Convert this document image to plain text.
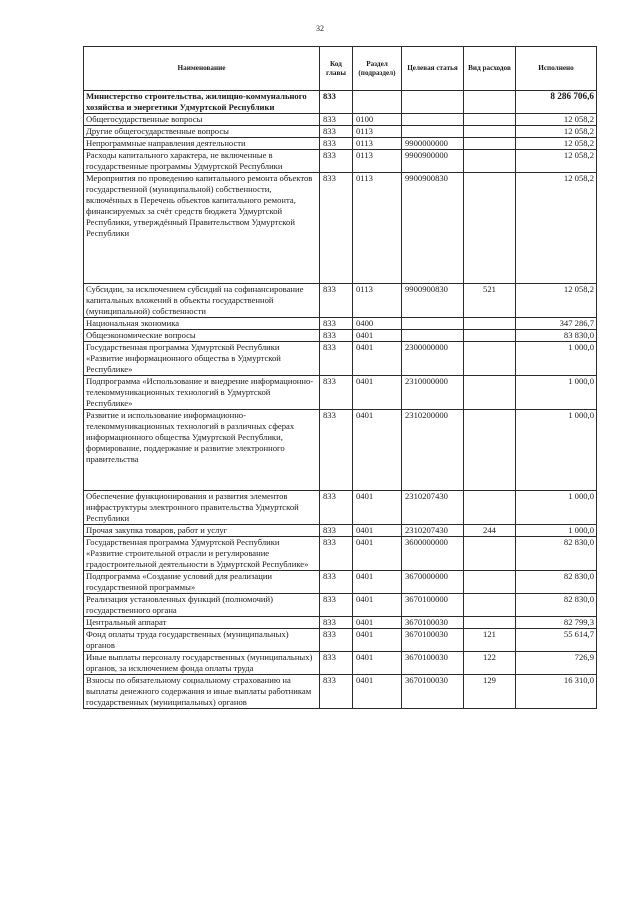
32
Наименование	Код главы	Раздел (подраздел)	Целевая статья	Вид расходов	Исполнено
Министерство строительства, жилищно-коммунального хозяйства и энергетики Удмуртской Республики	833				8 286 706,6
Общегосударственные вопросы	833	0100			12 058,2
Другие общегосударственные вопросы	833	0113			12 058,2
Непрограммные направления деятельности	833	0113	9900000000		12 058,2
Расходы капитального характера, не включенные в государственные программы Удмуртской Республики	833	0113	9900900000		12 058,2
Мероприятия по проведению капитального ремонта объектов государственной (муниципальной) собственности, включённых в Перечень объектов капитального ремонта, финансируемых за счёт средств бюджета Удмуртской Республики, утверждённый Правительством Удмуртской Республики	833	0113	9900900830		12 058,2
Субсидии, за исключением субсидий на софинансирование капитальных вложений в объекты государственной (муниципальной) собственности	833	0113	9900900830	521	12 058,2
Национальная экономика	833	0400			347 286,7
Общеэкономические вопросы	833	0401			83 830,0
Государственная программа Удмуртской Республики «Развитие информационного общества в Удмуртской Республике»	833	0401	2300000000		1 000,0
Подпрограмма «Использование и внедрение информационно-телекоммуникационных технологий в Удмуртской Республике»	833	0401	2310000000		1 000,0
Развитие и использование информационно-телекоммуникационных технологий в различных сферах информационного общества Удмуртской Республики, формирование, поддержание и развитие электронного правительства	833	0401	2310200000		1 000,0
Обеспечение функционирования и развития элементов инфраструктуры электронного правительства Удмуртской Республики	833	0401	2310207430		1 000,0
Прочая закупка товаров, работ и услуг	833	0401	2310207430	244	1 000,0
Государственная программа Удмуртской Республики «Развитие строительной отрасли и регулирование градостроительной деятельности в Удмуртской Республике»	833	0401	3600000000		82 830,0
Подпрограмма «Создание условий для реализации государственной программы»	833	0401	3670000000		82 830,0
Реализация установленных функций (полномочий) государственного органа	833	0401	3670100000		82 830,0
Центральный аппарат	833	0401	3670100030		82 799,3
Фонд оплаты труда государственных (муниципальных) органов	833	0401	3670100030	121	55 614,7
Иные выплаты персоналу государственных (муниципальных) органов, за исключением фонда оплаты труда	833	0401	3670100030	122	726,9
Взносы по обязательному социальному страхованию на выплаты денежного содержания и иные выплаты работникам государственных (муниципальных) органов	833	0401	3670100030	129	16 310,0
